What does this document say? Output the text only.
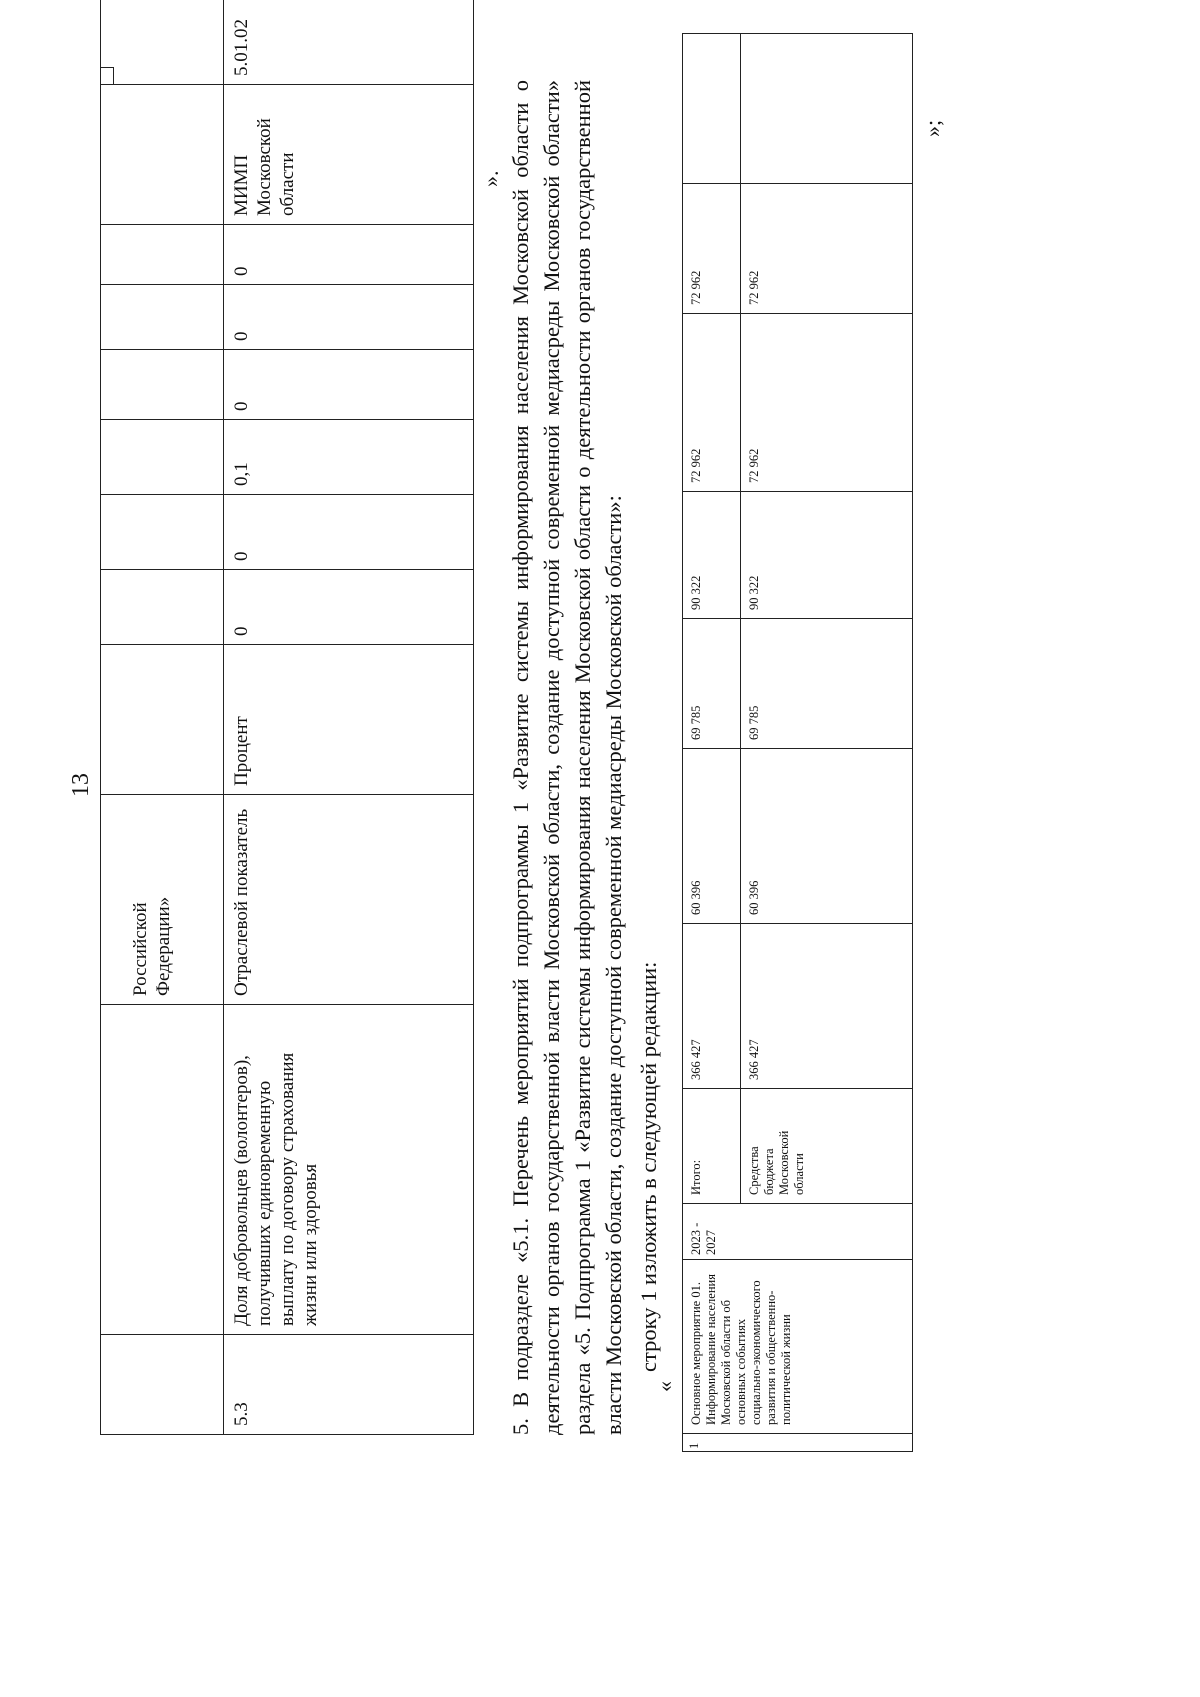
13
Российской Федерации»
5.3
Доля добровольцев (волонтеров), получивших единовременную выплату по договору страхования жизни или здоровья
Отраслевой показатель
Процент
0
0
0,1
0
0
0
МИМП Московской области
5.01.02
». 5. В подразделе «5.1. Перечень мероприятий подпрограммы 1 «Развитие системы информирования населения Московской области о деятельности органов государственной власти Московской области, создание доступной современной медиасреды Московской области» раздела «5. Подпрограмма 1 «Развитие системы информирования населения Московской области о деятельности органов государственной власти Московской области, создание доступной современной медиасреды Московской области»: строку 1 изложить в следующей редакции:
«
1
Основное мероприятие 01. Информирование населения Московской области об основных событиях социально-экономического развития и общественно-политической жизни
2023 - 2027
Итого:
366 427
60 396
69 785
90 322
72 962
72 962
Средства бюджета Московской области
366 427
60 396
69 785
90 322
72 962
72 962
»;
